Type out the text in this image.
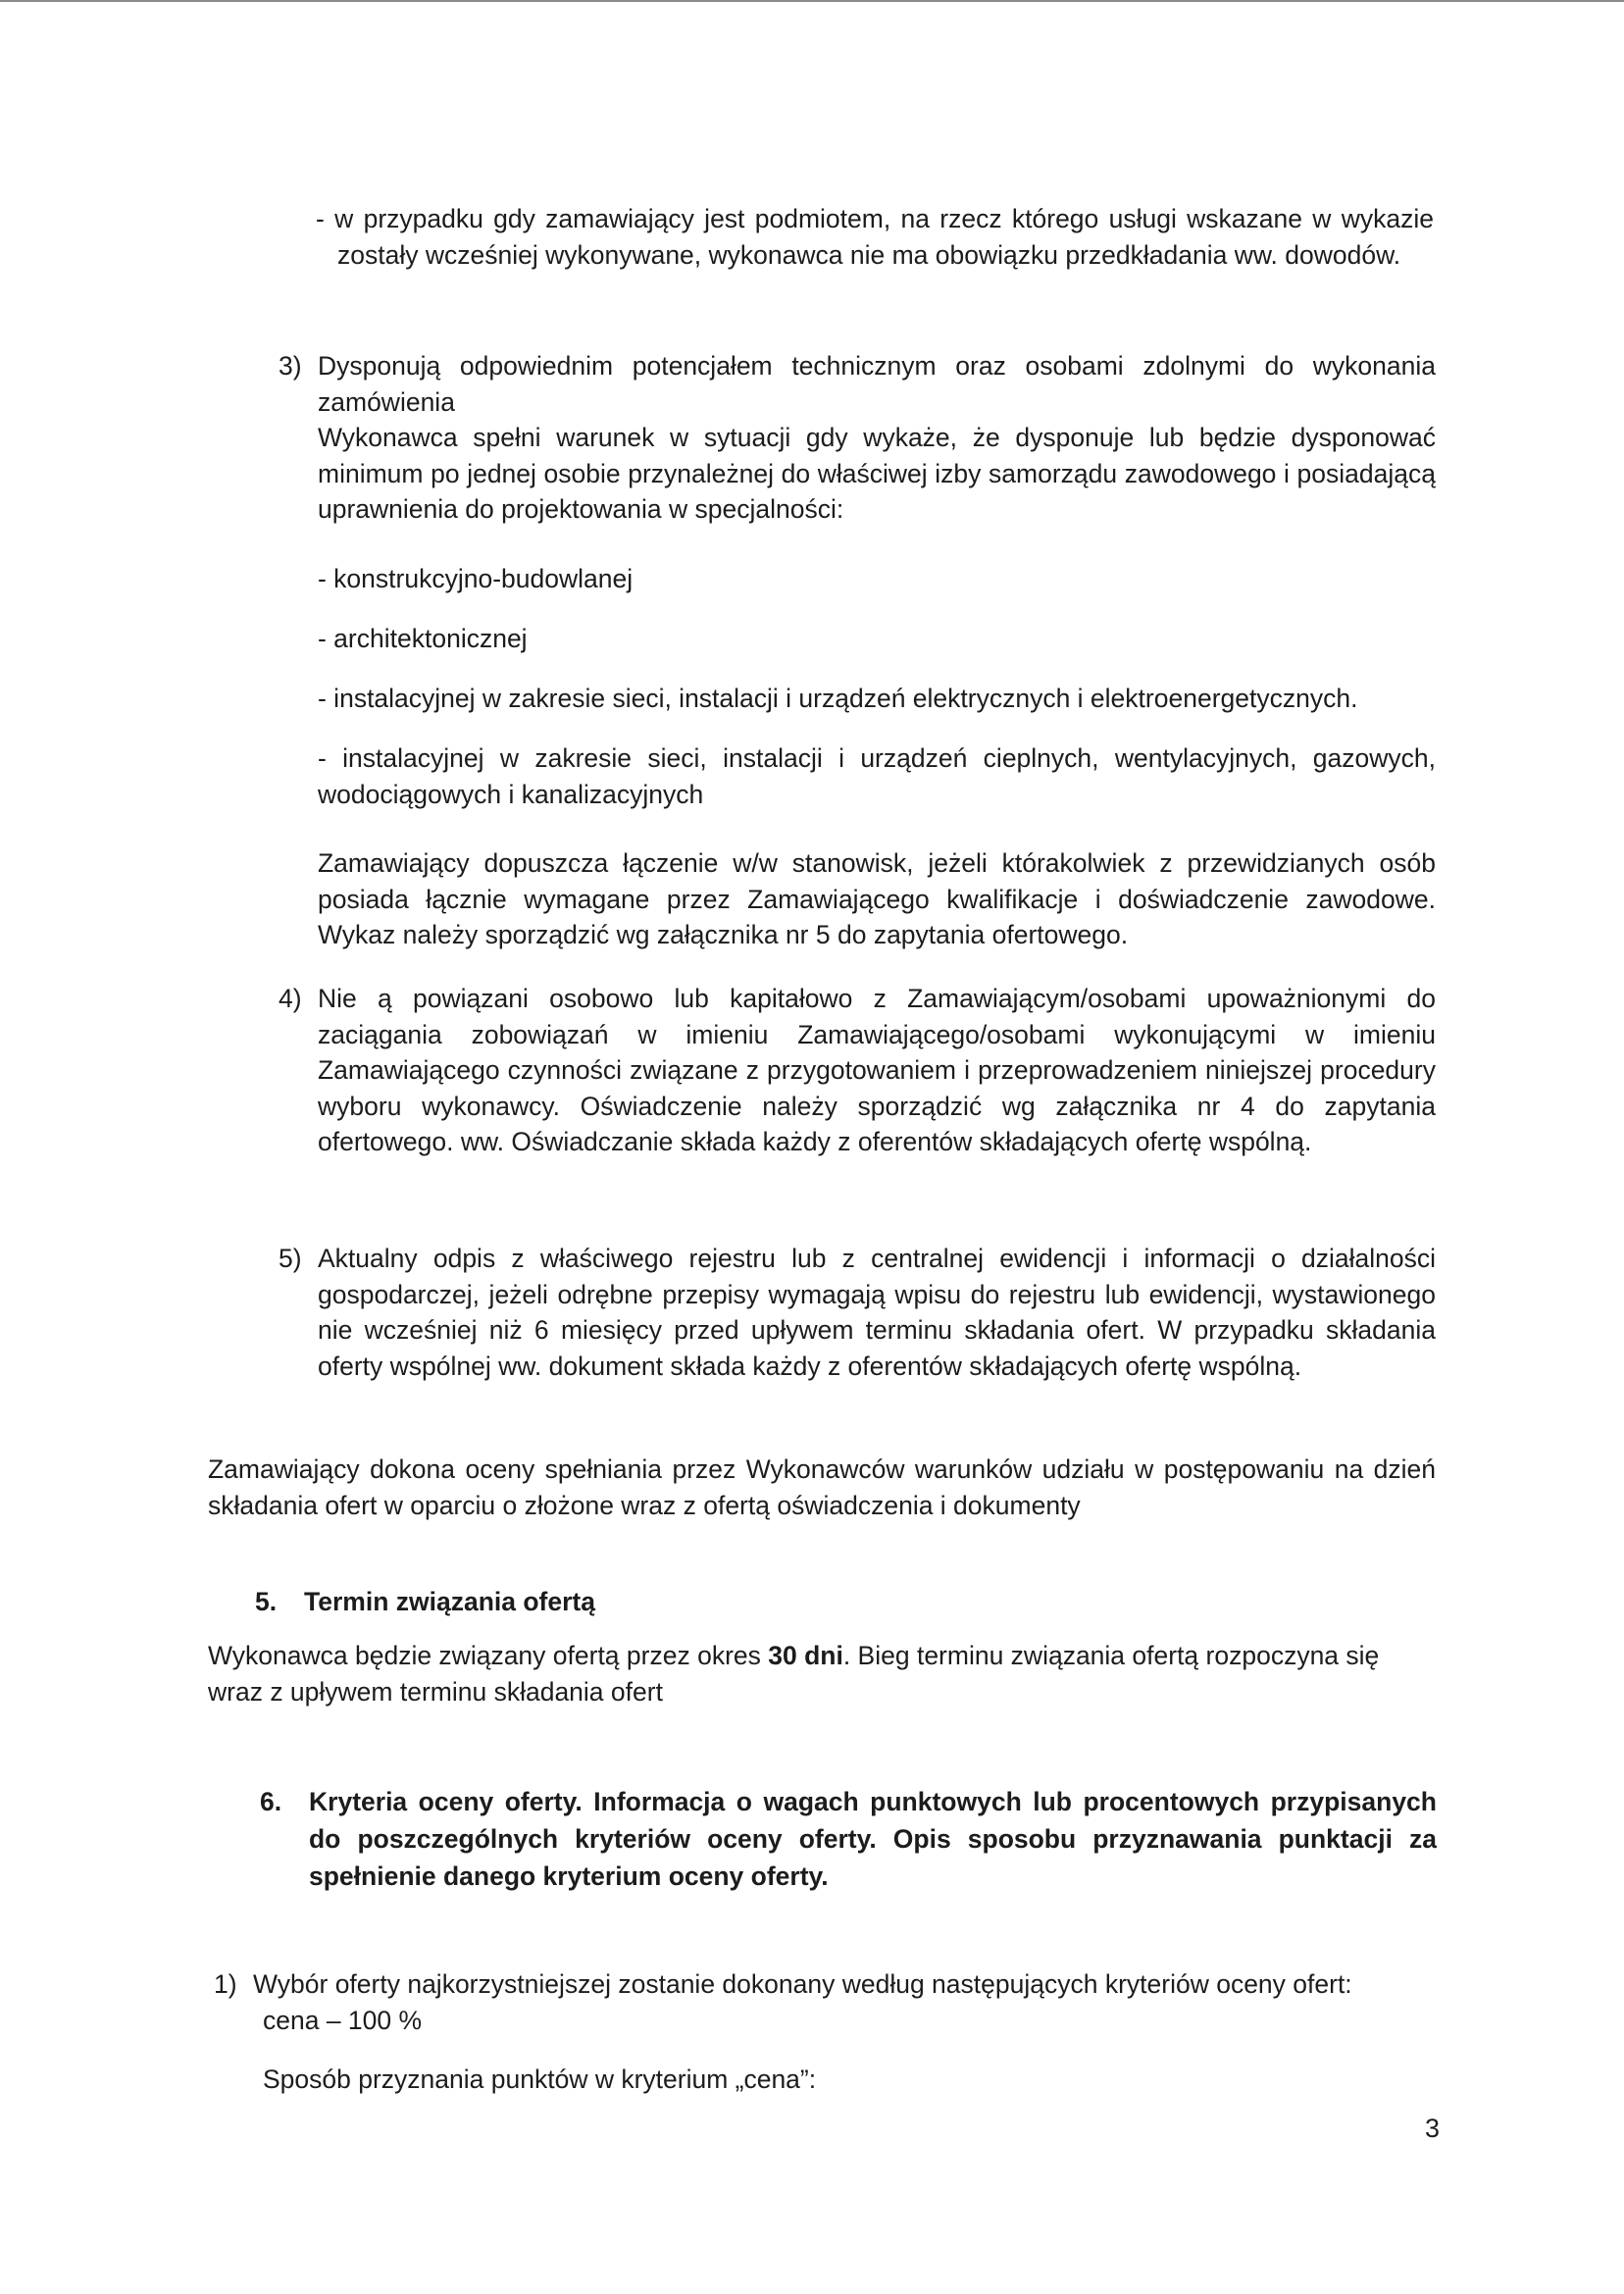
- w przypadku gdy zamawiający jest podmiotem, na rzecz którego usługi wskazane w wykazie zostały wcześniej wykonywane, wykonawca nie ma obowiązku przedkładania ww. dowodów.
3) Dysponują odpowiednim potencjałem technicznym oraz osobami zdolnymi do wykonania zamówienia
Wykonawca spełni warunek w sytuacji gdy wykaże, że dysponuje lub będzie dysponować minimum po jednej osobie przynależnej do właściwej izby samorządu zawodowego i posiadającą uprawnienia do projektowania w specjalności:
- konstrukcyjno-budowlanej
- architektonicznej
- instalacyjnej w zakresie sieci, instalacji i urządzeń elektrycznych i elektroenergetycznych.
- instalacyjnej w zakresie sieci, instalacji i urządzeń cieplnych, wentylacyjnych, gazowych, wodociągowych i kanalizacyjnych
Zamawiający dopuszcza łączenie w/w stanowisk, jeżeli którakolwiek z przewidzianych osób posiada łącznie wymagane przez Zamawiającego kwalifikacje i doświadczenie zawodowe. Wykaz należy sporządzić wg załącznika nr 5 do zapytania ofertowego.
4) Nie ą powiązani osobowo lub kapitałowo z Zamawiającym/osobami upoważnionymi do zaciągania zobowiązań w imieniu Zamawiającego/osobami wykonującymi w imieniu Zamawiającego czynności związane z przygotowaniem i przeprowadzeniem niniejszej procedury wyboru wykonawcy. Oświadczenie należy sporządzić wg załącznika nr 4 do zapytania ofertowego. ww. Oświadczanie składa każdy z oferentów składających ofertę wspólną.
5) Aktualny odpis z właściwego rejestru lub z centralnej ewidencji i informacji o działalności gospodarczej, jeżeli odrębne przepisy wymagają wpisu do rejestru lub ewidencji, wystawionego nie wcześniej niż 6 miesięcy przed upływem terminu składania ofert. W przypadku składania oferty wspólnej ww. dokument składa każdy z oferentów składających ofertę wspólną.
Zamawiający dokona oceny spełniania przez Wykonawców warunków udziału w postępowaniu na dzień składania ofert w oparciu o złożone wraz z ofertą oświadczenia i dokumenty
5. Termin związania ofertą
Wykonawca będzie związany ofertą przez okres 30 dni. Bieg terminu związania ofertą rozpoczyna się wraz z upływem terminu składania ofert
6. Kryteria oceny oferty. Informacja o wagach punktowych lub procentowych przypisanych do poszczególnych kryteriów oceny oferty. Opis sposobu przyznawania punktacji za spełnienie danego kryterium oceny oferty.
1) Wybór oferty najkorzystniejszej zostanie dokonany według następujących kryteriów oceny ofert:
cena – 100 %
Sposób przyznania punktów w kryterium „cena”:
3
